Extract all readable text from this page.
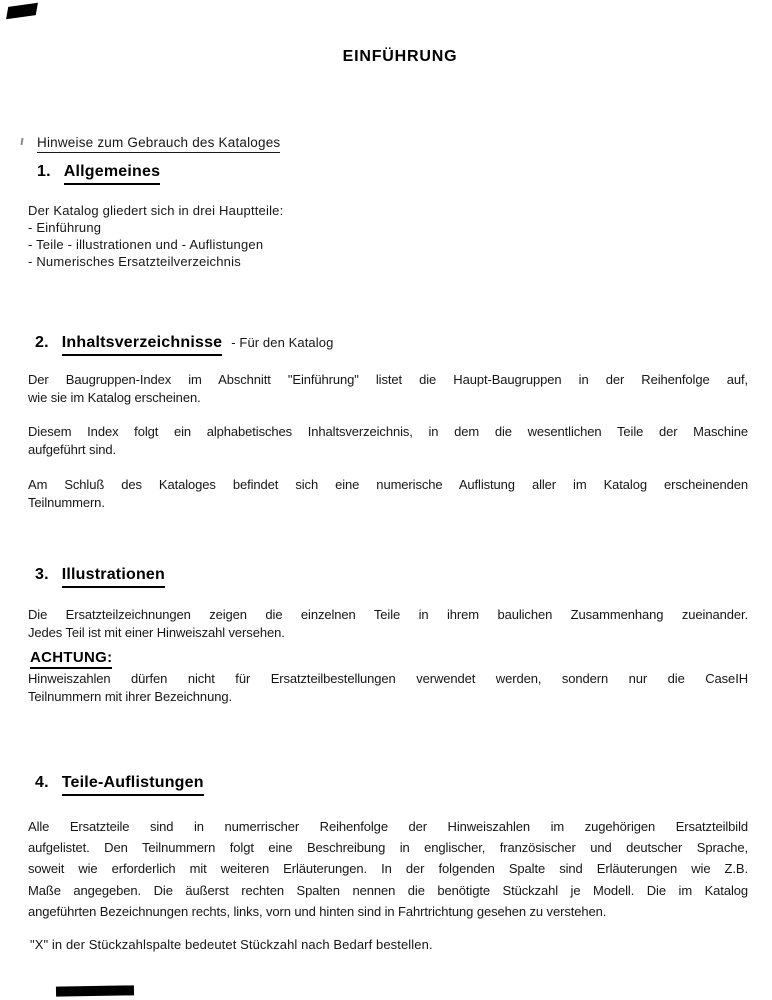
EINFÜHRUNG
Hinweise zum Gebrauch des Kataloges
1. Allgemeines
Der Katalog gliedert sich in drei Hauptteile:
- Einführung
- Teile - illustrationen und - Auflistungen
- Numerisches Ersatzteilverzeichnis
2. Inhaltsverzeichnisse - Für den Katalog
Der Baugruppen-Index im Abschnitt "Einführung" listet die Haupt-Baugruppen in der Reihenfolge auf,
wie sie im Katalog erscheinen.
Diesem Index folgt ein alphabetisches Inhaltsverzeichnis, in dem die wesentlichen Teile der Maschine
aufgeführt sind.
Am Schluß des Kataloges befindet sich eine numerische Auflistung aller im Katalog erscheinenden
Teilnummern.
3. Illustrationen
Die Ersatzteilzeichnungen zeigen die einzelnen Teile in ihrem baulichen Zusammenhang zueinander.
Jedes Teil ist mit einer Hinweiszahl versehen.
ACHTUNG:
Hinweiszahlen dürfen nicht für Ersatzteilbestellungen verwendet werden, sondern nur die CaseIH
Teilnummern mit ihrer Bezeichnung.
4. Teile-Auflistungen
Alle Ersatzteile sind in numerrischer Reihenfolge der Hinweiszahlen im zugehörigen Ersatzteilbild
aufgelistet. Den Teilnummern folgt eine Beschreibung in englischer, französischer und deutscher Sprache,
soweit wie erforderlich mit weiteren Erläuterungen. In der folgenden Spalte sind Erläuterungen wie Z.B.
Maße angegeben. Die äußerst rechten Spalten nennen die benötigte Stückzahl je Modell. Die im Katalog
angeführten Bezeichnungen rechts, links, vorn und hinten sind in Fahrtrichtung gesehen zu verstehen.
"X" in der Stückzahlspalte bedeutet Stückzahl nach Bedarf bestellen.
